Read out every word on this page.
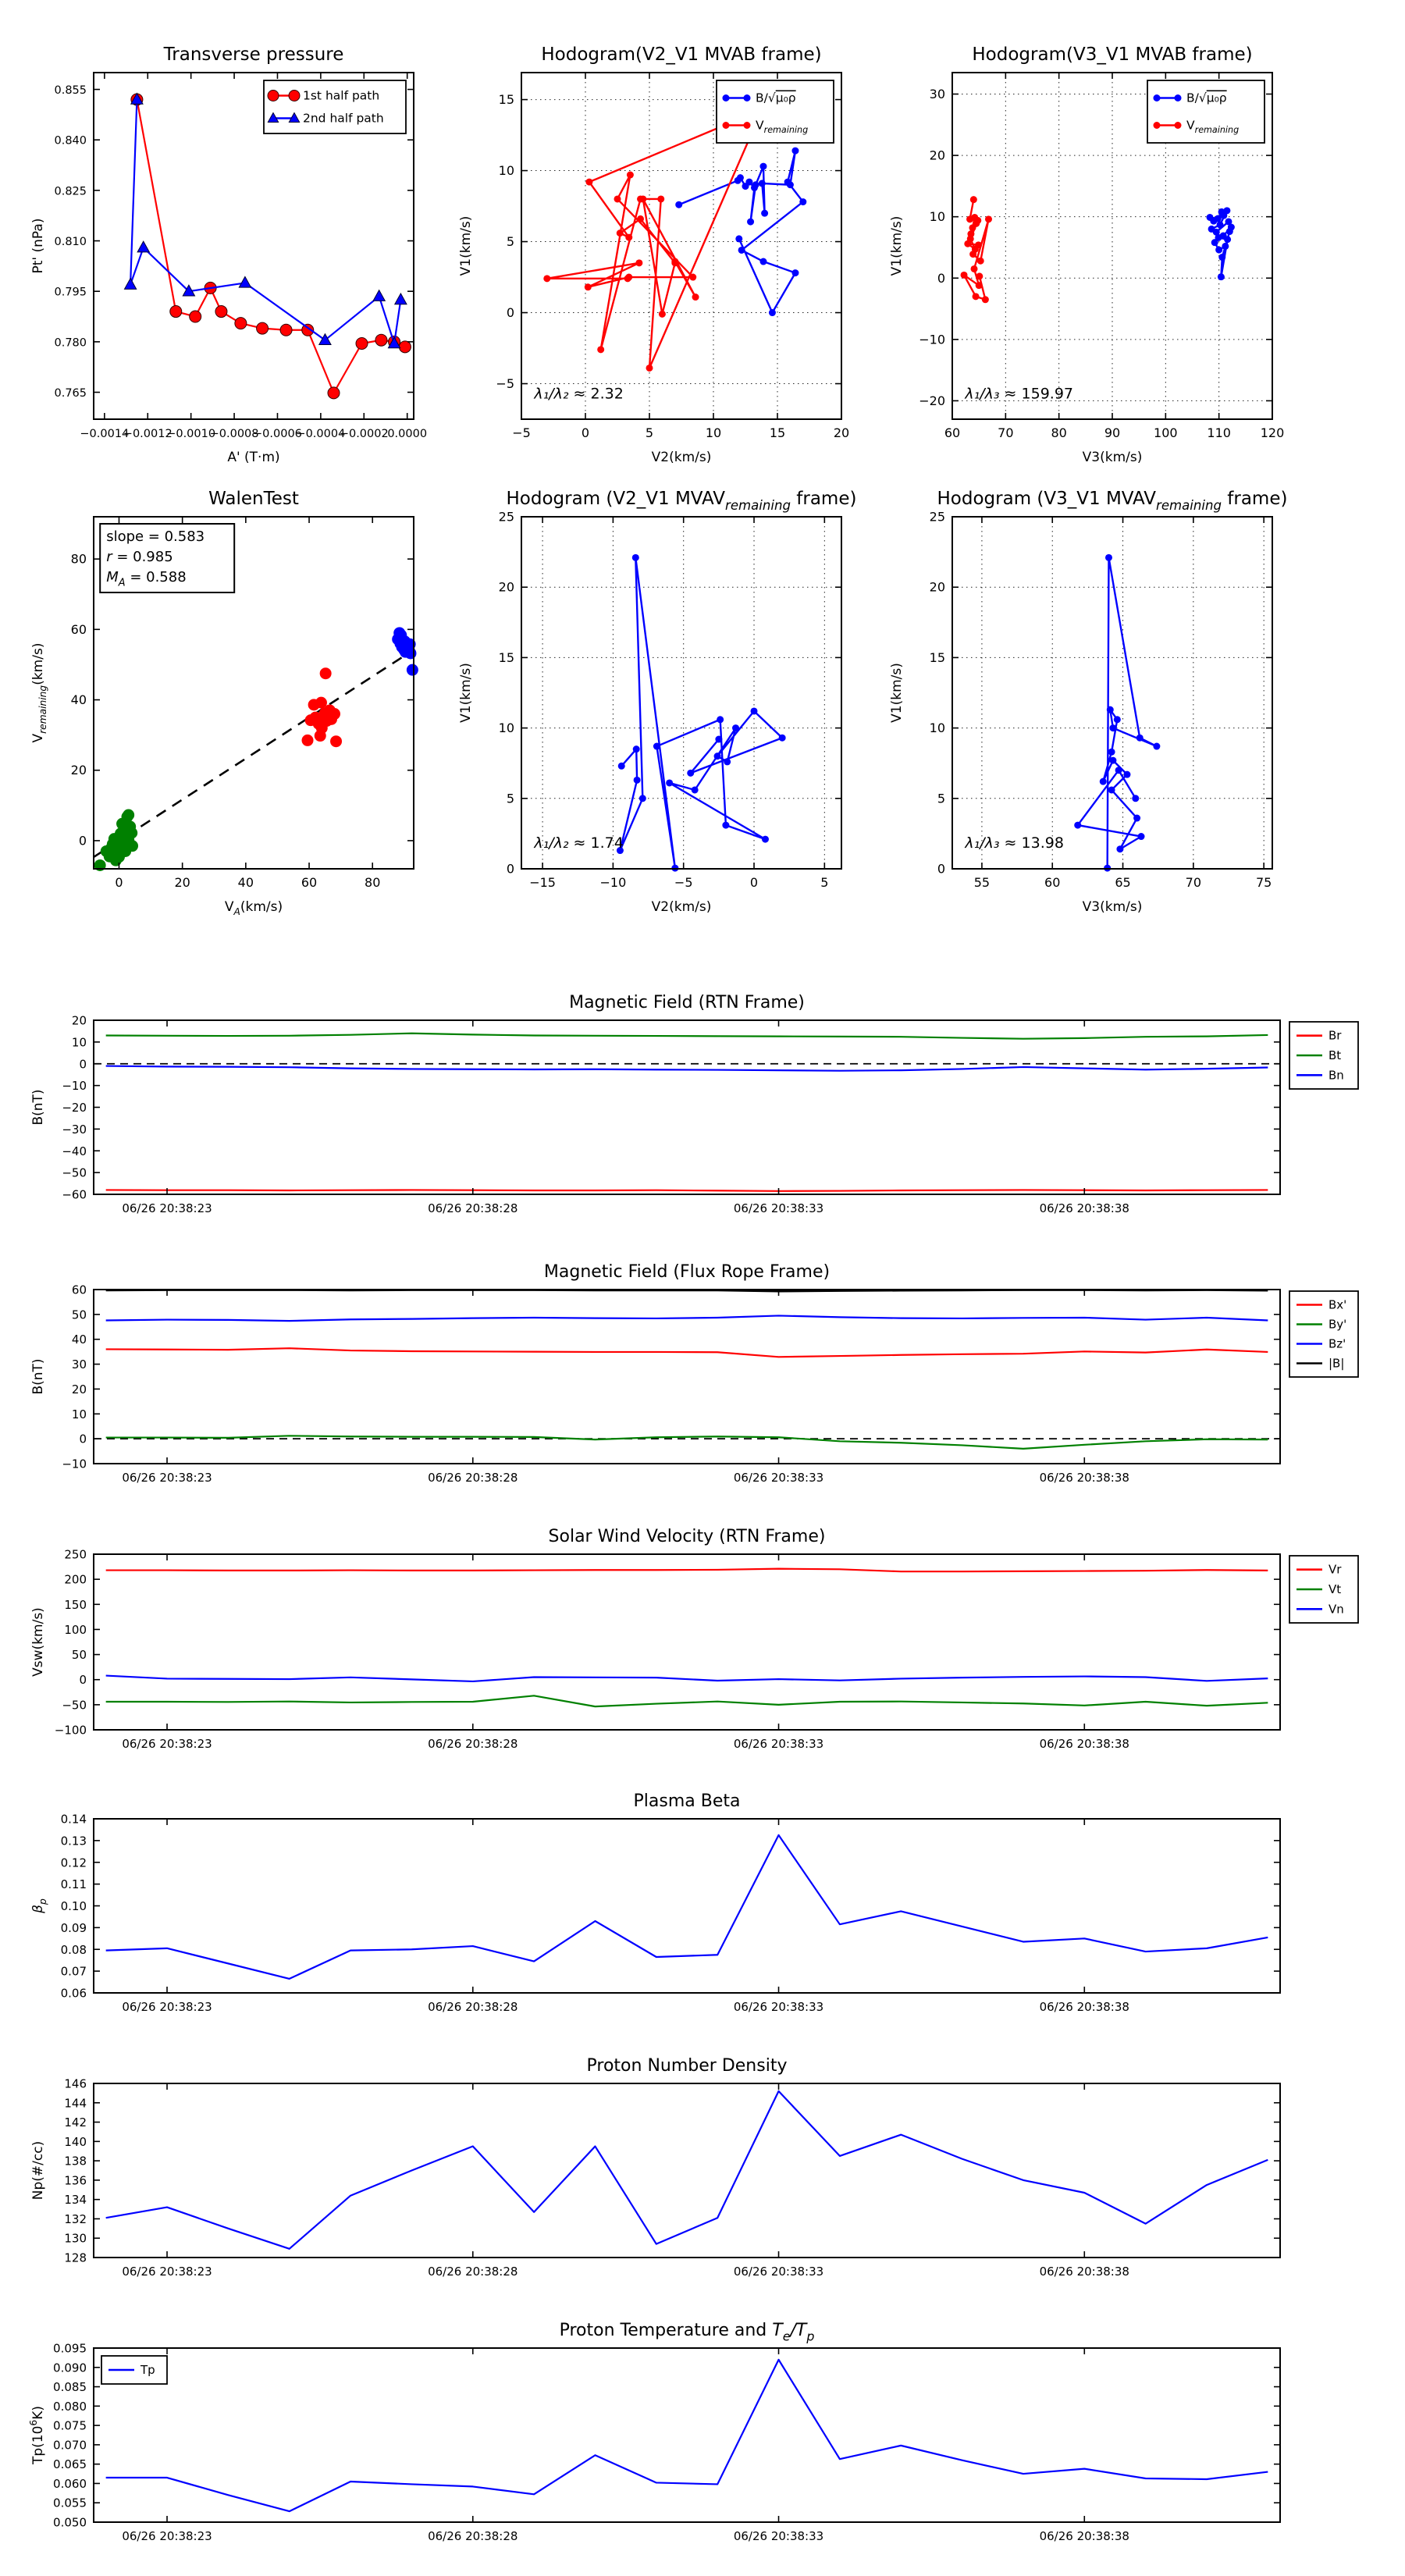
Transverse pressure
−0.0014
−0.0012
−0.0010
−0.0008
−0.0006
−0.0004
−0.0002
0.0000
0.765
0.780
0.795
0.810
0.825
0.840
0.855
A' (T·m)
Pt' (nPa)
1st half path
2nd half path
Hodogram(V2_V1 MVAB frame)
−5	0	5	10	15	20
−5
0
5
10
15
V2(km/s)
V1(km/s)
λ₁/λ₂ ≈ 2.32
B/√μ₀ρ
$V_{remaining}$
Hodogram(V3_V1 MVAB frame)
60	70	80	90	100 110 120
−20
−10
0
10
20
30
V3(km/s)
V1(km/s)
λ₁/λ₃ ≈ 159.97
B/√μ₀ρ
$V_{remaining}$
WalenTest
0	20	40	60	80
0
20
40
60
80
$V_A(km/s)$
$V_{remaining}(km/s)$
slope = 0.583
r = 0.985
$M_A = 0.588$
Hodogram (V2_V1 $MVAV_{remaining}$ frame)
−15	−10	−5	0	5
0
5
10
15
20
25
V2(km/s)
V1(km/s)
λ₁/λ₂ ≈ 1.74
Hodogram (V3_V1 $MVAV_{remaining}$ frame)
55	60	65	70	75
0
5
10
15
20
25
V3(km/s)
V1(km/s)
λ₁/λ₃ ≈ 13.98
Magnetic Field (RTN Frame)
06/26 20:38:23	06/26 20:38:28	06/26 20:38:33	06/26 20:38:38
−60
−50
−40
−30
−20
−10
0
10
20
B(nT)
Br
Bt
Bn
Magnetic Field (Flux Rope Frame)
06/26 20:38:23	06/26 20:38:28	06/26 20:38:33	06/26 20:38:38
−10
0
10
20
30
40
50
60
B(nT)
Bx'
By'
Bz'
|B|
Solar Wind Velocity (RTN Frame)
06/26 20:38:23	06/26 20:38:28	06/26 20:38:33	06/26 20:38:38
−100
−50
0
50
100
150
200
250
Vsw(km/s)
Vr
Vt
Vn
Plasma Beta
06/26 20:38:23	06/26 20:38:28	06/26 20:38:33	06/26 20:38:38
0.06
0.07
0.08
0.09
0.10
0.11
0.12
0.13
0.14
$\beta_p$
Proton Number Density
06/26 20:38:23	06/26 20:38:28	06/26 20:38:33	06/26 20:38:38
128
130
132
134
136
138
140
142
144
146
Np(#/cc)
Proton Temperature and $T_e/T_p$
06/26 20:38:23	06/26 20:38:28	06/26 20:38:33	06/26 20:38:38
0.050
0.055
0.060
0.065
0.070
0.075
0.080
0.085
0.090
0.095
$Tp(10^6K)$
Tp
